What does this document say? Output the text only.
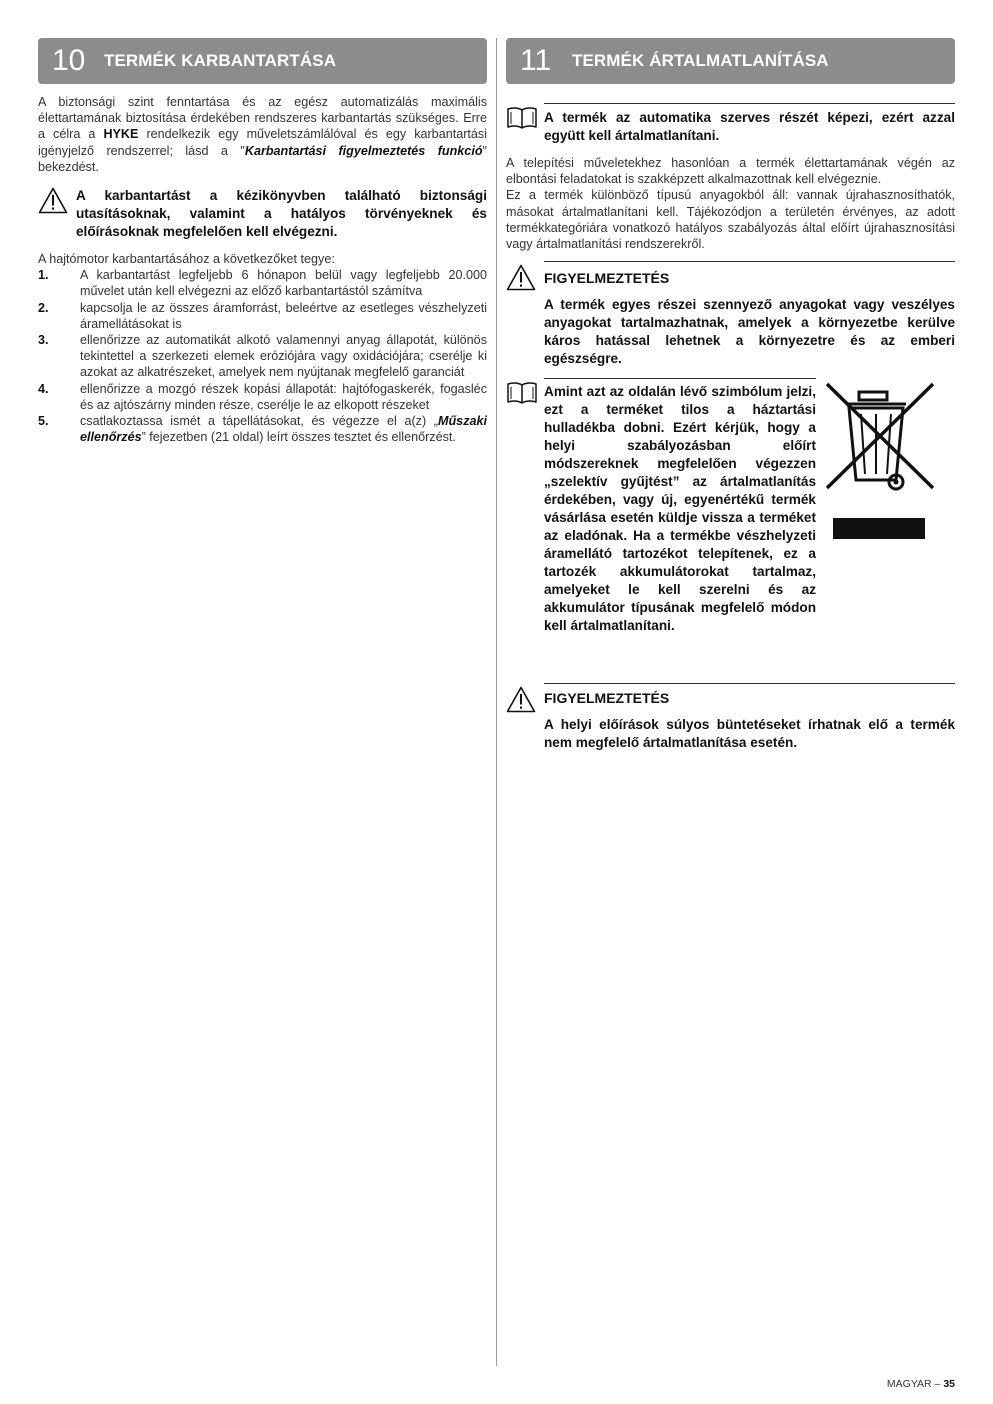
10	TERMÉK KARBANTARTÁSA

A biztonsági szint fenntartása és az egész automatizálás maximális élettartamának biztosítása érdekében rendszeres karbantartás szükséges. Erre a célra a HYKE rendelkezik egy műveletszámlálóval és egy karbantartási igényjelző rendszerrel; lásd a "Karbantartási figyelmeztetés funkció" bekezdést.

A karbantartást a kézikönyvben található biztonsági utasításoknak, valamint a hatályos törvényeknek és előírásoknak megfelelően kell elvégezni.

A hajtómotor karbantartásához a következőket tegye:

1.	A karbantartást legfeljebb 6 hónapon belül vagy legfeljebb 20.000 művelet után kell elvégezni az előző karbantartástól számítva
2.	kapcsolja le az összes áramforrást, beleértve az esetleges vészhelyzeti áramellátásokat is
3.	ellenőrizze az automatikát alkotó valamennyi anyag állapotát, különös tekintettel a szerkezeti elemek eróziójára vagy oxidációjára; cserélje ki azokat az alkatrészeket, amelyek nem nyújtanak megfelelő garanciát
4.	ellenőrizze a mozgó részek kopási állapotát: hajtófogaskerék, fogasléc és az ajtószárny minden része, cserélje le az elkopott részeket
5.	csatlakoztassa ismét a tápellátásokat, és végezze el a(z) „Műszaki ellenőrzés” fejezetben (21 oldal) leírt összes tesztet és ellenőrzést.
11	TERMÉK ÁRTALMATLANÍTÁSA

A termék az automatika szerves részét képezi, ezért azzal együtt kell ártalmatlanítani.

A telepítési műveletekhez hasonlóan a termék élettartamának végén az elbontási feladatokat is szakképzett alkalmazottnak kell elvégeznie.

Ez a termék különböző típusú anyagokból áll: vannak újrahasznosíthatók, másokat ártalmatlanítani kell. Tájékozódjon a területén érvényes, az adott termékkategóriára vonatkozó hatályos szabályozás által előírt újrahasznosítási vagy ártalmatlanítási rendszerekről.

FIGYELMEZTETÉS

A termék egyes részei szennyező anyagokat vagy veszélyes anyagokat tartalmazhatnak, amelyek a környezetbe kerülve káros hatással lehetnek a környezetre és az emberi egészségre.

Amint azt az oldalán lévő szimbólum jelzi, ezt a terméket tilos a háztartási hulladékba dobni. Ezért kérjük, hogy a helyi szabályozásban előírt módszereknek megfelelően végezzen „szelektív gyűjtést” az ártalmatlanítás érdekében, vagy új, egyenértékű termék vásárlása esetén küldje vissza a terméket az eladónak. Ha a termékbe vészhelyzeti áramellátó tartozékot telepítenek, ez a tartozék akkumulátorokat tartalmaz, amelyeket le kell szerelni és az akkumulátor típusának megfelelő módon kell ártalmatlanítani.

FIGYELMEZTETÉS

A helyi előírások súlyos büntetéseket írhatnak elő a termék nem megfelelő ártalmatlanítása esetén.

MAGYAR – 35
